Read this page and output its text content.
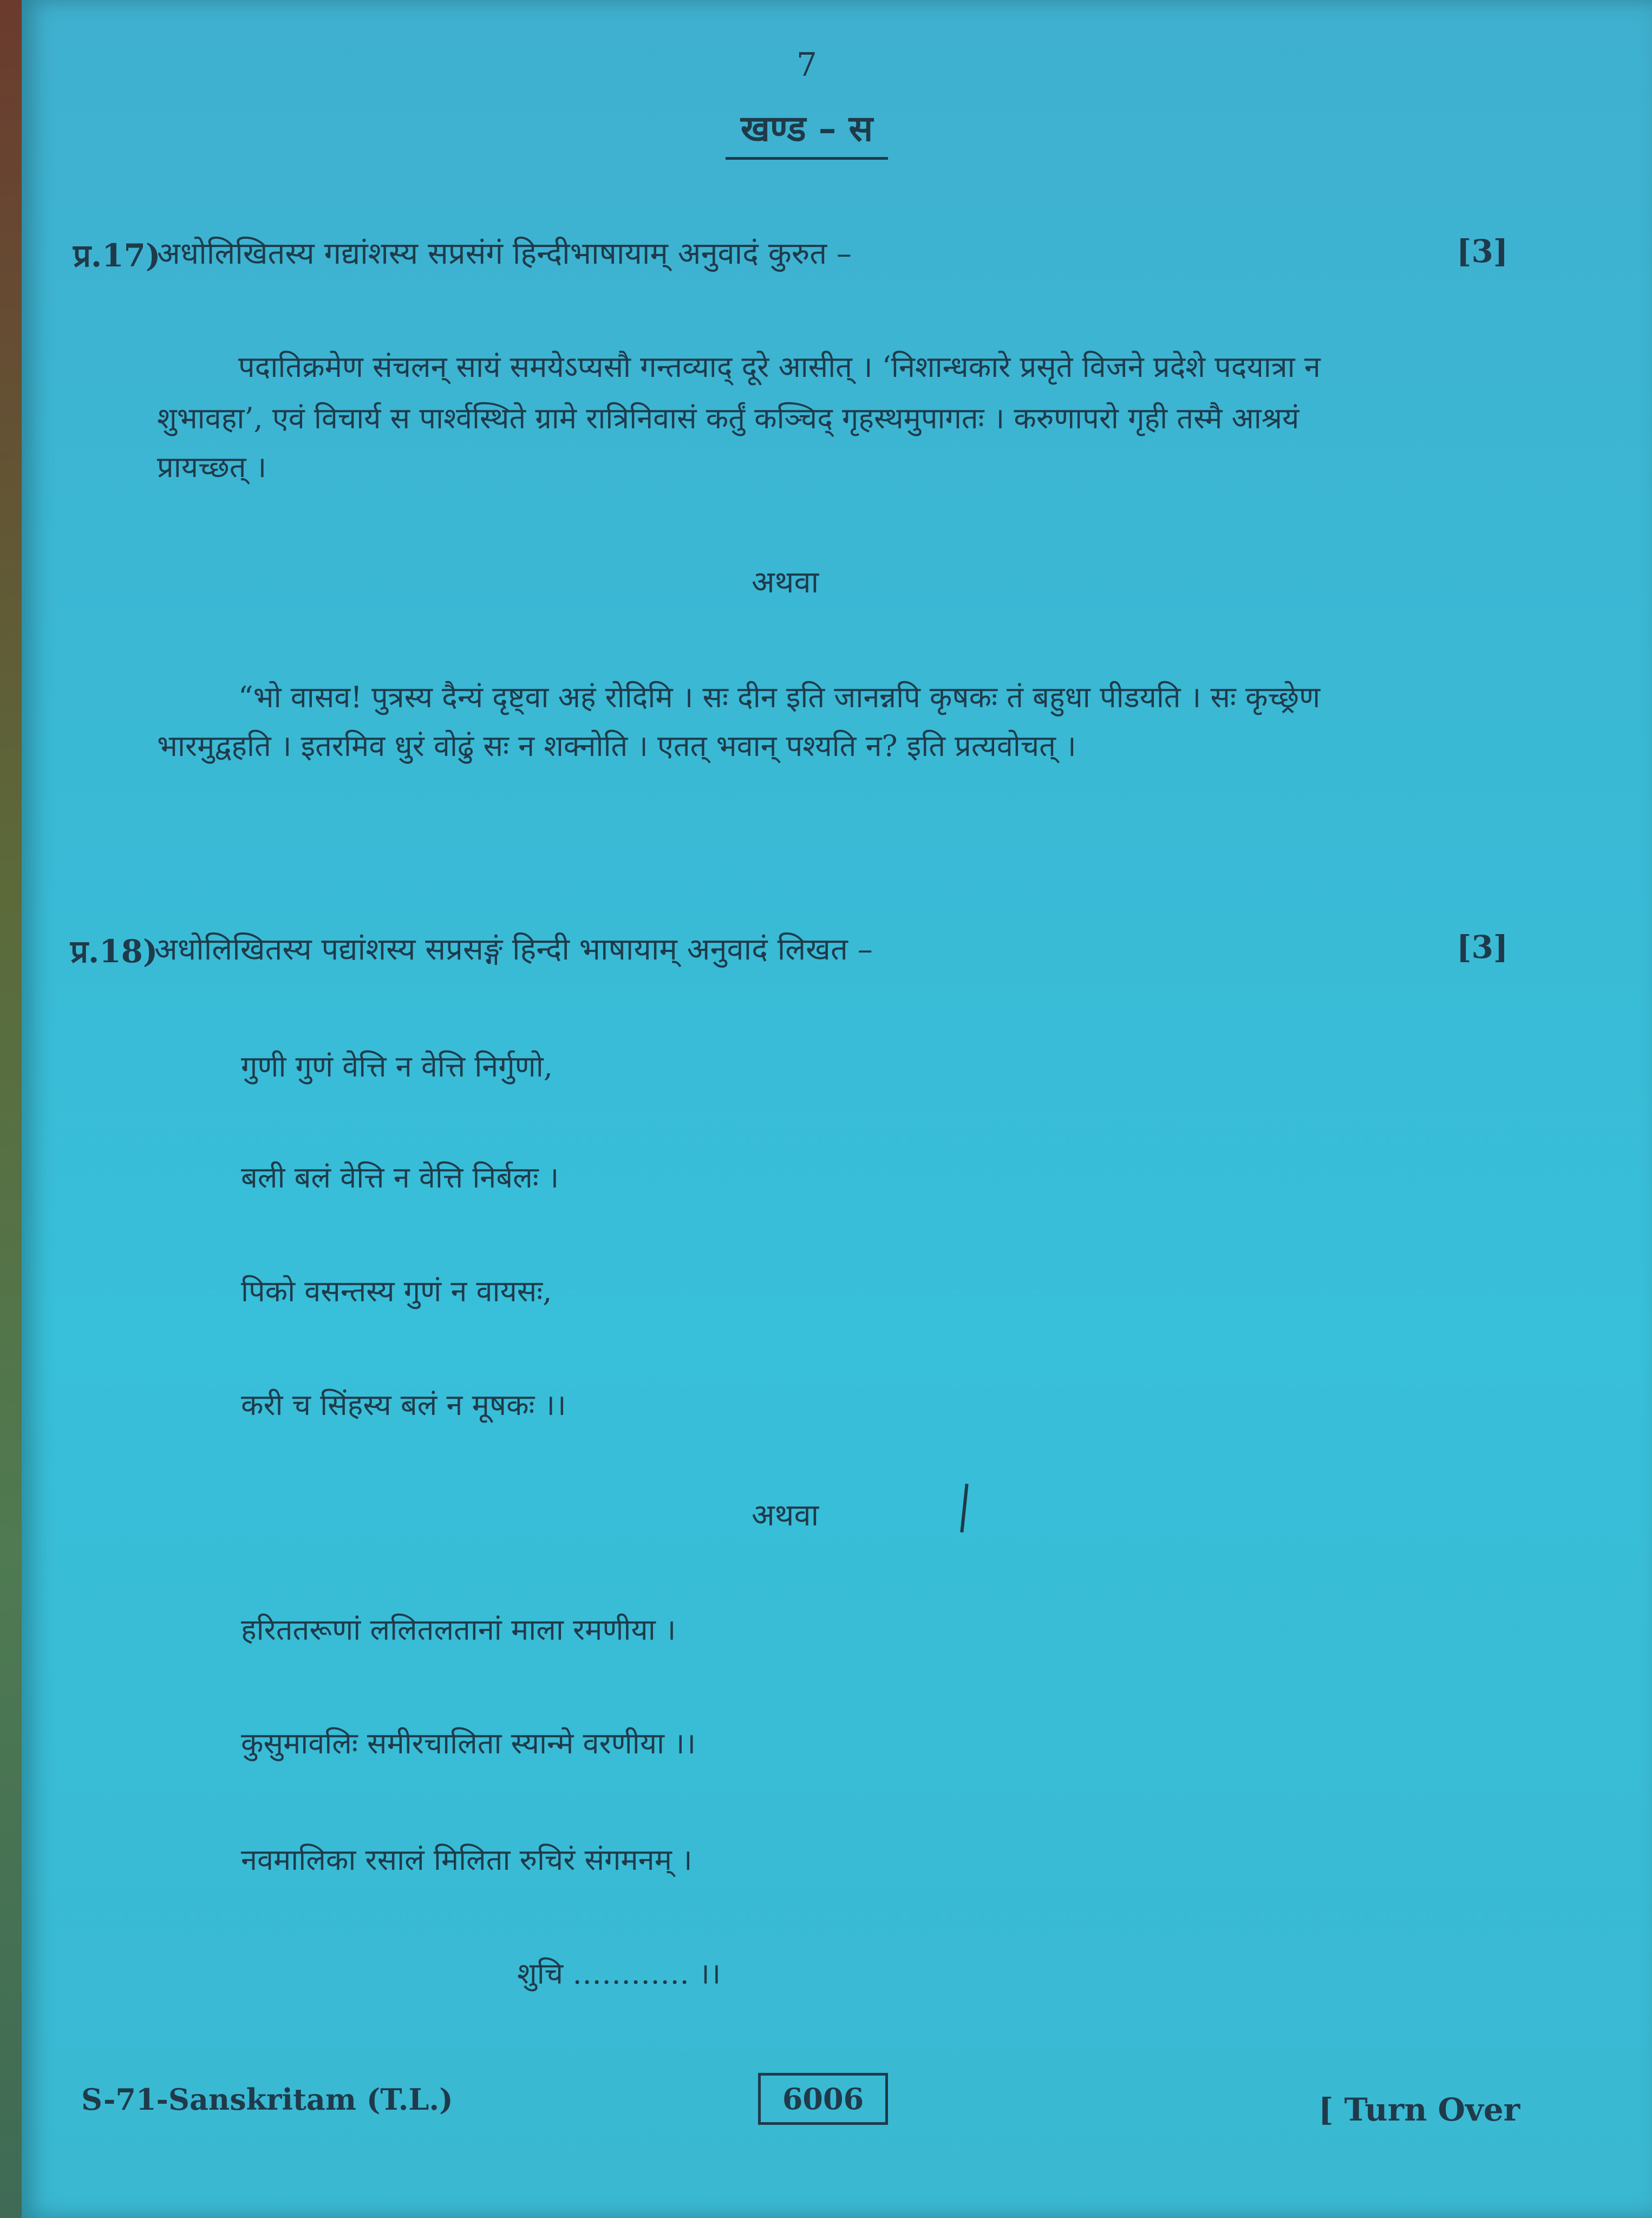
7
खण्ड – स
प्र.17)
अधोलिखितस्य गद्यांशस्य सप्रसंगं हिन्दीभाषायाम् अनुवादं कुरुत –	[3]
पदातिक्रमेण संचलन् सायं समयेऽप्यसौ गन्तव्याद् दूरे आसीत् । ‘निशान्धकारे प्रसृते विजने प्रदेशे पदयात्रा न
शुभावहा’, एवं विचार्य स पार्श्वस्थिते ग्रामे रात्रिनिवासं कर्तुं कञ्चिद् गृहस्थमुपागतः । करुणापरो गृही तस्मै आश्रयं
प्रायच्छत् ।
अथवा
“भो वासव! पुत्रस्य दैन्यं दृष्ट्वा अहं रोदिमि । सः दीन इति जानन्नपि कृषकः तं बहुधा पीडयति । सः कृच्छ्रेण
भारमुद्वहति । इतरमिव धुरं वोढुं सः न शक्नोति । एतत् भवान् पश्यति न? इति प्रत्यवोचत् ।
प्र.18)
अधोलिखितस्य पद्यांशस्य सप्रसङ्गं हिन्दी भाषायाम् अनुवादं लिखत –	[3]
गुणी गुणं वेत्ति न वेत्ति निर्गुणो,
बली बलं वेत्ति न वेत्ति निर्बलः ।
पिको वसन्तस्य गुणं न वायसः,
करी च सिंहस्य बलं न मूषकः ।।
अथवा
हरिततरूणां ललितलतानां माला रमणीया ।
कुसुमावलिः समीरचालिता स्यान्मे वरणीया ।।
नवमालिका रसालं मिलिता रुचिरं संगमनम् ।
शुचि ………… ।।
S-71-Sanskritam (T.L.)	6006	[ Turn Over
